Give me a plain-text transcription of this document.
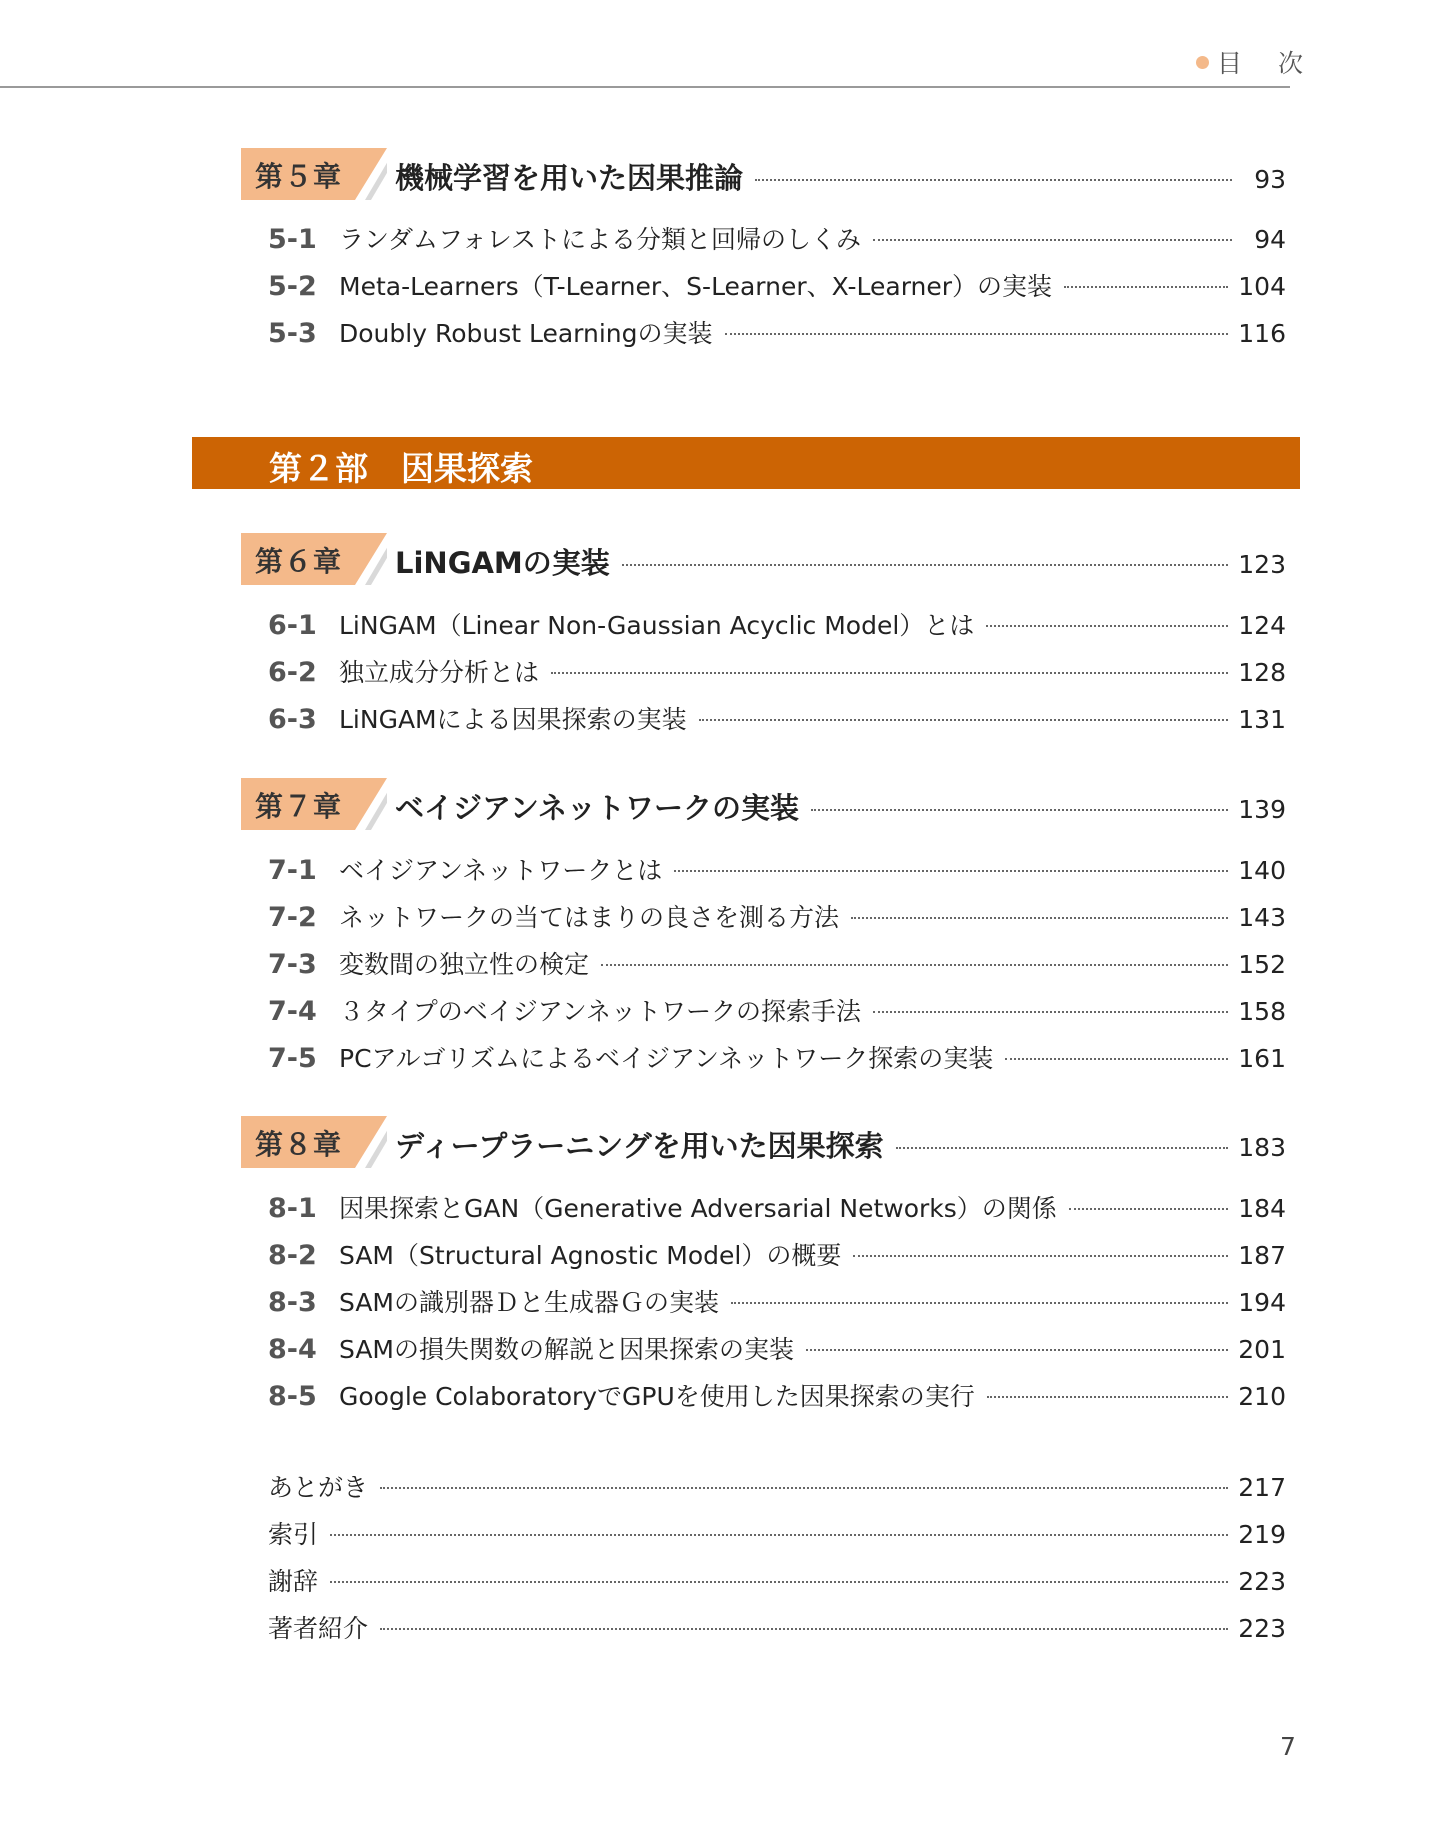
目 次
第５章 機械学習を用いた因果推論	93
5-1 ランダムフォレストによる分類と回帰のしくみ	94
5-2 Meta-Learners（T-Learner、S-Learner、X-Learner）の実装	104
5-3 Doubly Robust Learningの実装	116
第２部　因果探索
第６章 LiNGAMの実装	123
6-1 LiNGAM（Linear Non-Gaussian Acyclic Model）とは	124
6-2 独立成分分析とは	128
6-3 LiNGAMによる因果探索の実装	131
第７章 ベイジアンネットワークの実装	139
7-1 ベイジアンネットワークとは	140
7-2 ネットワークの当てはまりの良さを測る方法	143
7-3 変数間の独立性の検定	152
7-4 ３タイプのベイジアンネットワークの探索手法	158
7-5 PCアルゴリズムによるベイジアンネットワーク探索の実装	161
第８章 ディープラーニングを用いた因果探索	183
8-1 因果探索とGAN（Generative Adversarial Networks）の関係	184
8-2 SAM（Structural Agnostic Model）の概要	187
8-3 SAMの識別器Ｄと生成器Ｇの実装	194
8-4 SAMの損失関数の解説と因果探索の実装	201
8-5 Google ColaboratoryでGPUを使用した因果探索の実行	210
あとがき	217
索引	219
謝辞	223
著者紹介	223
7
